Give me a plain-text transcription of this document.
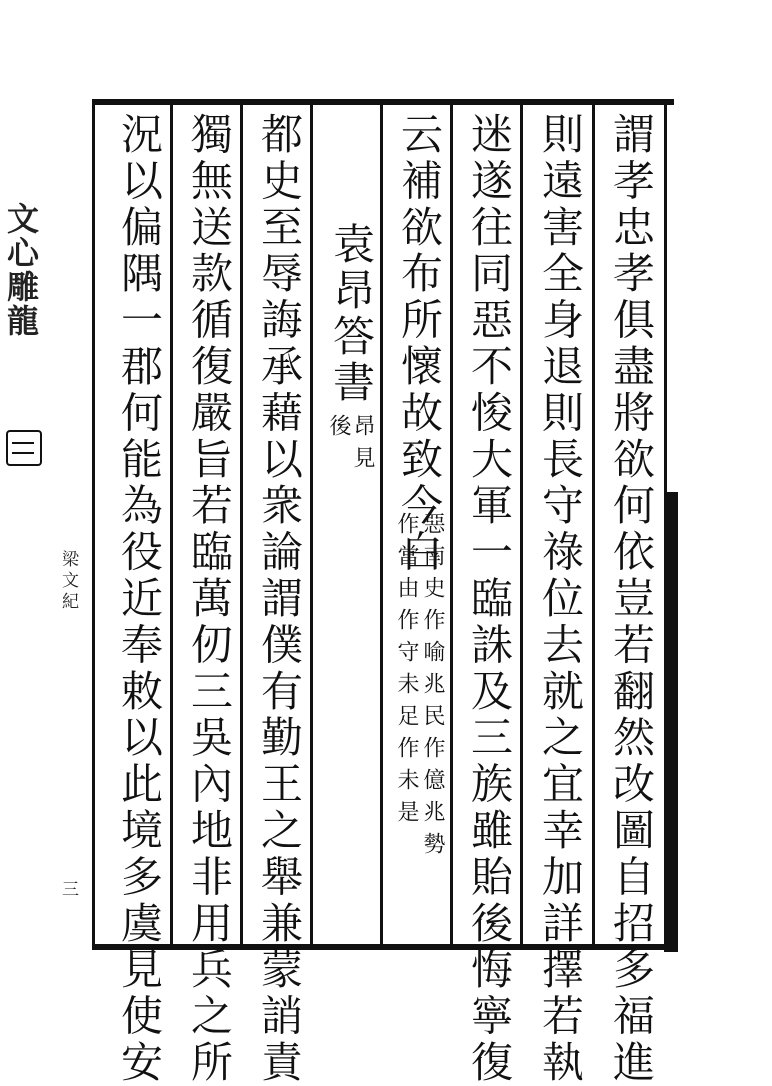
文心雕龍
梁文紀
三	謂孝忠孝俱盡將欲何依豈若翻然改圖自招多福進
則遠害全身退則長守祿位去就之宜幸加詳擇若執
迷遂往同惡不悛大軍一臨誅及三族雖貽後悔寧復
云補欲布所懷故致今白
惡南史作喻兆民作億兆勢
作當由作守未足作未是
袁昂答書
昂見
後
都史至辱誨承藉以衆論謂僕有勤王之舉兼蒙誚責
獨無送款循復嚴旨若臨萬仞三吳內地非用兵之所
況以偏隅一郡何能為役近奉敕以此境多虞見使安
